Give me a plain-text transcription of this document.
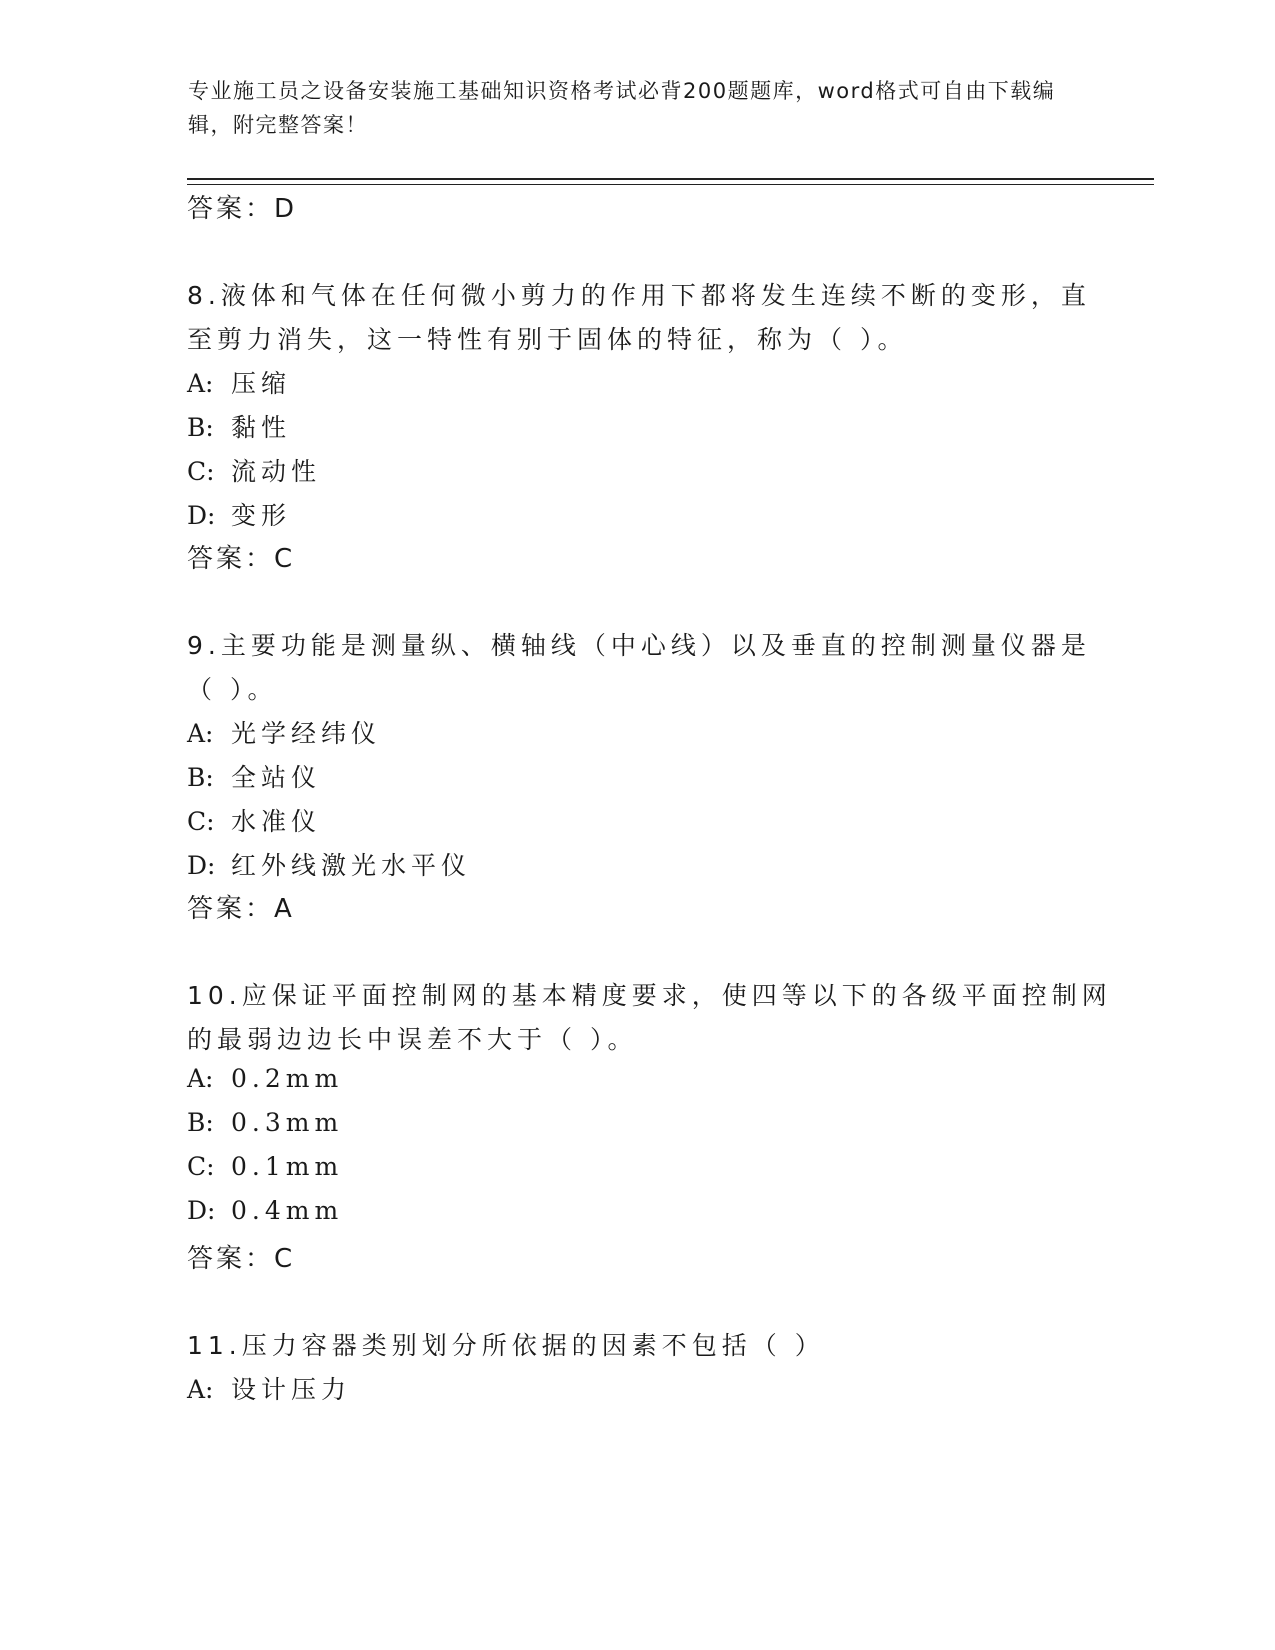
专业施工员之设备安装施工基础知识资格考试必背200题题库，word格式可自由下载编辑，附完整答案！
答案：D
8.液体和气体在任何微小剪力的作用下都将发生连续不断的变形，直
至剪力消失，这一特性有别于固体的特征，称为（ ）。
A: 压缩
B: 黏性
C: 流动性
D: 变形
答案：C
9.主要功能是测量纵、横轴线（中心线）以及垂直的控制测量仪器是
（ ）。
A: 光学经纬仪
B: 全站仪
C: 水准仪
D: 红外线激光水平仪
答案：A
10.应保证平面控制网的基本精度要求，使四等以下的各级平面控制网
的最弱边边长中误差不大于（ ）。
A: 0.2mm
B: 0.3mm
C: 0.1mm
D: 0.4mm
答案：C
11.压力容器类别划分所依据的因素不包括（ ）
A: 设计压力
